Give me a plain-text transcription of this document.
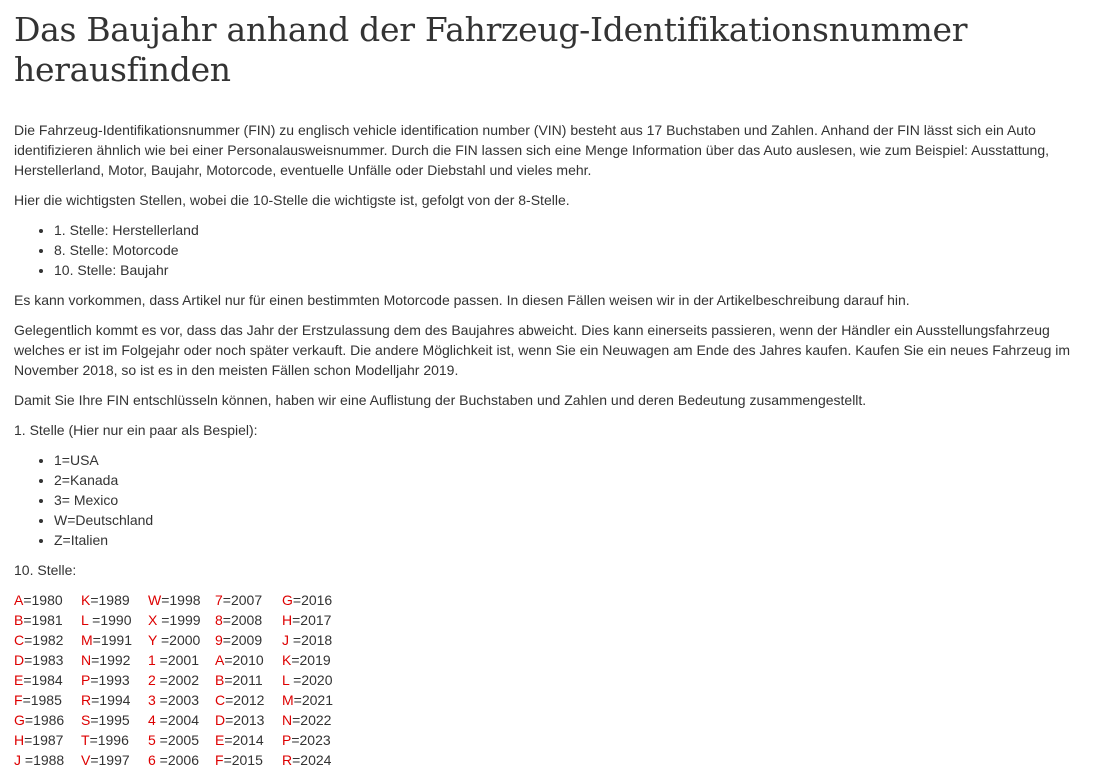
Das Baujahr anhand der Fahrzeug-Identifikationsnummer
herausfinden

Die Fahrzeug-Identifikationsnummer (FIN) zu englisch vehicle identification number (VIN) besteht aus 17 Buchstaben und Zahlen. Anhand der FIN lässt sich ein Auto identifizieren ähnlich wie bei einer Personalausweisnummer. Durch die FIN lassen sich eine Menge Information über das Auto auslesen, wie zum Beispiel: Ausstattung, Herstellerland, Motor, Baujahr, Motorcode, eventuelle Unfälle oder Diebstahl und vieles mehr.

Hier die wichtigsten Stellen, wobei die 10-Stelle die wichtigste ist, gefolgt von der 8-Stelle.

• 1. Stelle: Herstellerland
• 8. Stelle: Motorcode
• 10. Stelle: Baujahr

Es kann vorkommen, dass Artikel nur für einen bestimmten Motorcode passen. In diesen Fällen weisen wir in der Artikelbeschreibung darauf hin.

Gelegentlich kommt es vor, dass das Jahr der Erstzulassung dem des Baujahres abweicht. Dies kann einerseits passieren, wenn der Händler ein Ausstellungsfahrzeug welches er ist im Folgejahr oder noch später verkauft. Die andere Möglichkeit ist, wenn Sie ein Neuwagen am Ende des Jahres kaufen. Kaufen Sie ein neues Fahrzeug im November 2018, so ist es in den meisten Fällen schon Modelljahr 2019.

Damit Sie Ihre FIN entschlüsseln können, haben wir eine Auflistung der Buchstaben und Zahlen und deren Bedeutung zusammengestellt.

1. Stelle (Hier nur ein paar als Bespiel):

• 1=USA
• 2=Kanada
• 3= Mexico
• W=Deutschland
• Z=Italien

10. Stelle:

A=1980	K=1989	W=1998	7=2007	G=2016
B=1981	L =1990	X =1999	8=2008	H=2017
C=1982	M=1991	Y =2000	9=2009	J =2018
D=1983	N=1992	1 =2001	A=2010	K=2019
E=1984	P=1993	2 =2002	B=2011	L =2020
F=1985	R=1994	3 =2003	C=2012	M=2021
G=1986	S=1995	4 =2004	D=2013	N=2022
H=1987	T=1996	5 =2005	E=2014	P=2023
J =1988	V=1997	6 =2006	F=2015	R=2024
